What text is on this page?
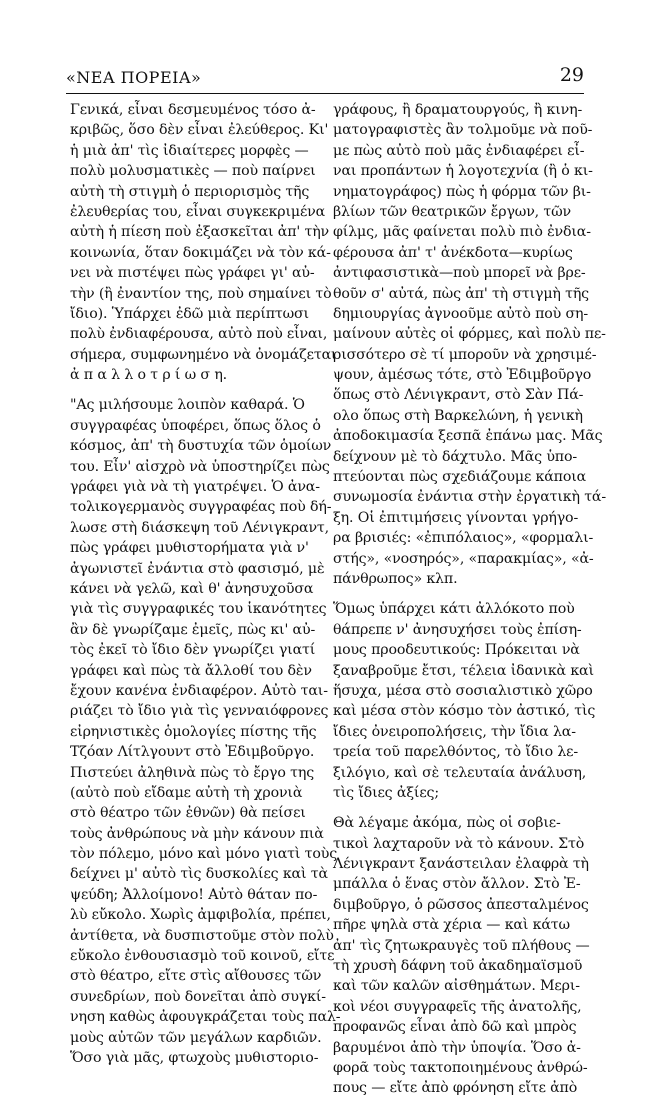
«ΝΕΑ ΠΟΡΕΙΑ»	29
Γενικά, εἶναι δεσμευμένος τόσο ἀ-
κριβῶς, ὅσο δὲν εἶναι ἐλεύθερος. Κι'
ἡ μιὰ ἀπ' τὶς ἰδιαίτερες μορφὲς —
πολὺ μολυσματικὲς — ποὺ παίρνει
αὐτὴ τὴ στιγμὴ ὁ περιορισμὸς τῆς
ἐλευθερίας του, εἶναι συγκεκριμένα
αὐτὴ ἡ πίεση ποὺ ἐξασκεῖται ἀπ' τὴν
κοινωνία, ὅταν δοκιμάζει νὰ τὸν κά-
νει νὰ πιστέψει πὼς γράφει γι' αὐ-
τὴν (ἢ ἐναντίον της, ποὺ σημαίνει τὸ
ἴδιο). Ὑπάρχει ἐδῶ μιὰ περίπτωσι
πολὺ ἐνδιαφέρουσα, αὐτὸ ποὺ εἶναι,
σήμερα, συμφωνημένο νὰ ὀνομάζεται
ἀ π α λ λ ο τ ρ ί ω σ η.
"Ας μιλήσουμε λοιπὸν καθαρά. Ὁ
συγγραφέας ὑποφέρει, ὅπως ὅλος ὁ
κόσμος, ἀπ' τὴ δυστυχία τῶν ὁμοίων
του. Εἶν' αἰσχρὸ νὰ ὑποστηρίζει πὼς
γράφει γιὰ νὰ τὴ γιατρέψει. Ὁ ἀνα-
τολικογερμανὸς συγγραφέας ποὺ δή-
λωσε στὴ διάσκεψη τοῦ Λένιγκραντ,
πὼς γράφει μυθιστορήματα γιὰ ν'
ἀγωνιστεῖ ἐνάντια στὸ φασισμό, μὲ
κάνει νὰ γελῶ, καὶ θ' ἀνησυχοῦσα
γιὰ τὶς συγγραφικές του ἱκανότητες
ἂν δὲ γνωρίζαμε ἐμεῖς, πὼς κι' αὐ-
τὸς ἐκεῖ τὸ ἴδιο δὲν γνωρίζει γιατί
γράφει καὶ πὼς τὰ ἄλλοθί του δὲν
ἔχουν κανένα ἐνδιαφέρον. Αὐτὸ ται-
ριάζει τὸ ἴδιο γιὰ τὶς γενναιόφρονες
εἰρηνιστικὲς ὁμολογίες πίστης τῆς
Τζόαν Λίτλγουντ στὸ Ἐδιμβοῦργο.
Πιστεύει ἀληθινὰ πὼς τὸ ἔργο της
(αὐτὸ ποὺ εἴδαμε αὐτὴ τὴ χρονιὰ
στὸ θέατρο τῶν ἐθνῶν) θὰ πείσει
τοὺς ἀνθρώπους νὰ μὴν κάνουν πιὰ
τὸν πόλεμο, μόνο καὶ μόνο γιατὶ τοὺς
δείχνει μ' αὐτὸ τὶς δυσκολίες καὶ τὰ
ψεύδη; Ἀλλοίμονο! Αὐτὸ θάταν πο-
λὺ εὔκολο. Χωρὶς ἀμφιβολία, πρέπει,
ἀντίθετα, νὰ δυσπιστοῦμε στὸν πολὺ
εὔκολο ἐνθουσιασμὸ τοῦ κοινοῦ, εἴτε
στὸ θέατρο, εἴτε στὶς αἴθουσες τῶν
συνεδρίων, ποὺ δονεῖται ἀπὸ συγκί-
νηση καθὼς ἀφουγκράζεται τοὺς παλ-
μοὺς αὐτῶν τῶν μεγάλων καρδιῶν.
Ὅσο γιὰ μᾶς, φτωχοὺς μυθιστοριο-
γράφους, ἢ δραματουργούς, ἢ κινη-
ματογραφιστὲς ἂν τολμοῦμε νὰ ποῦ-
με πὼς αὐτὸ ποὺ μᾶς ἐνδιαφέρει εἶ-
ναι προπάντων ἡ λογοτεχνία (ἢ ὁ κι-
νηματογράφος) πὼς ἡ φόρμα τῶν βι-
βλίων τῶν θεατρικῶν ἔργων, τῶν
φίλμς, μᾶς φαίνεται πολὺ πιὸ ἐνδια-
φέρουσα ἀπ' τ' ἀνέκδοτα—κυρίως
ἀντιφασιστικὰ—ποὺ μπορεῖ νὰ βρε-
θοῦν σ' αὐτά, πὼς ἀπ' τὴ στιγμὴ τῆς
δημιουργίας ἀγνοοῦμε αὐτὸ ποὺ ση-
μαίνουν αὐτὲς οἱ φόρμες, καὶ πολὺ πε-
ρισσότερο σὲ τί μποροῦν νὰ χρησιμέ-
ψουν, ἀμέσως τότε, στὸ Ἐδιμβοῦργο
ὅπως στὸ Λένιγκραντ, στὸ Σὰν Πά-
ολο ὅπως στὴ Βαρκελώνη, ἡ γενικὴ
ἀποδοκιμασία ξεσπᾶ ἐπάνω μας. Μᾶς
δείχνουν μὲ τὸ δάχτυλο. Μᾶς ὑπο-
πτεύονται πὼς σχεδιάζουμε κάποια
συνωμοσία ἐνάντια στὴν ἐργατικὴ τά-
ξη. Οἱ ἐπιτιμήσεις γίνονται γρήγο-
ρα βρισιές: «ἐπιπόλαιος», «φορμαλι-
στής», «νοσηρός», «παρακμίας», «ἀ-
πάνθρωπος» κλπ.
Ὅμως ὑπάρχει κάτι ἀλλόκοτο ποὺ
θάπρεπε ν' ἀνησυχήσει τοὺς ἐπίση-
μους προοδευτικούς: Πρόκειται νὰ
ξαναβροῦμε ἔτσι, τέλεια ἰδανικὰ καὶ
ἥσυχα, μέσα στὸ σοσιαλιστικὸ χῶρο
καὶ μέσα στὸν κόσμο τὸν ἀστικό, τὶς
ἴδιες ὀνειροπολήσεις, τὴν ἴδια λα-
τρεία τοῦ παρελθόντος, τὸ ἴδιο λε-
ξιλόγιο, καὶ σὲ τελευταία ἀνάλυση,
τὶς ἴδιες ἀξίες;
Θὰ λέγαμε ἀκόμα, πὼς οἱ σοβιε-
τικοὶ λαχταροῦν νὰ τὸ κάνουν. Στὸ
Λένιγκραντ ξανάστειλαν ἐλαφρὰ τὴ
μπάλλα ὁ ἕνας στὸν ἄλλον. Στὸ Ἐ-
διμβοῦργο, ὁ ρῶσσος ἀπεσταλμένος
πῆρε ψηλὰ στὰ χέρια — καὶ κάτω
ἀπ' τὶς ζητωκραυγὲς τοῦ πλήθους —
τὴ χρυσὴ δάφνη τοῦ ἀκαδημαϊσμοῦ
καὶ τῶν καλῶν αἰσθημάτων. Μερι-
κοὶ νέοι συγγραφεῖς τῆς ἀνατολῆς,
προφανῶς εἶναι ἀπὸ δῶ καὶ μπρὸς
βαρυμένοι ἀπὸ τὴν ὑποψία. Ὅσο ἀ-
φορᾶ τοὺς τακτοποιημένους ἀνθρώ-
πους — εἴτε ἀπὸ φρόνηση εἴτε ἀπὸ
